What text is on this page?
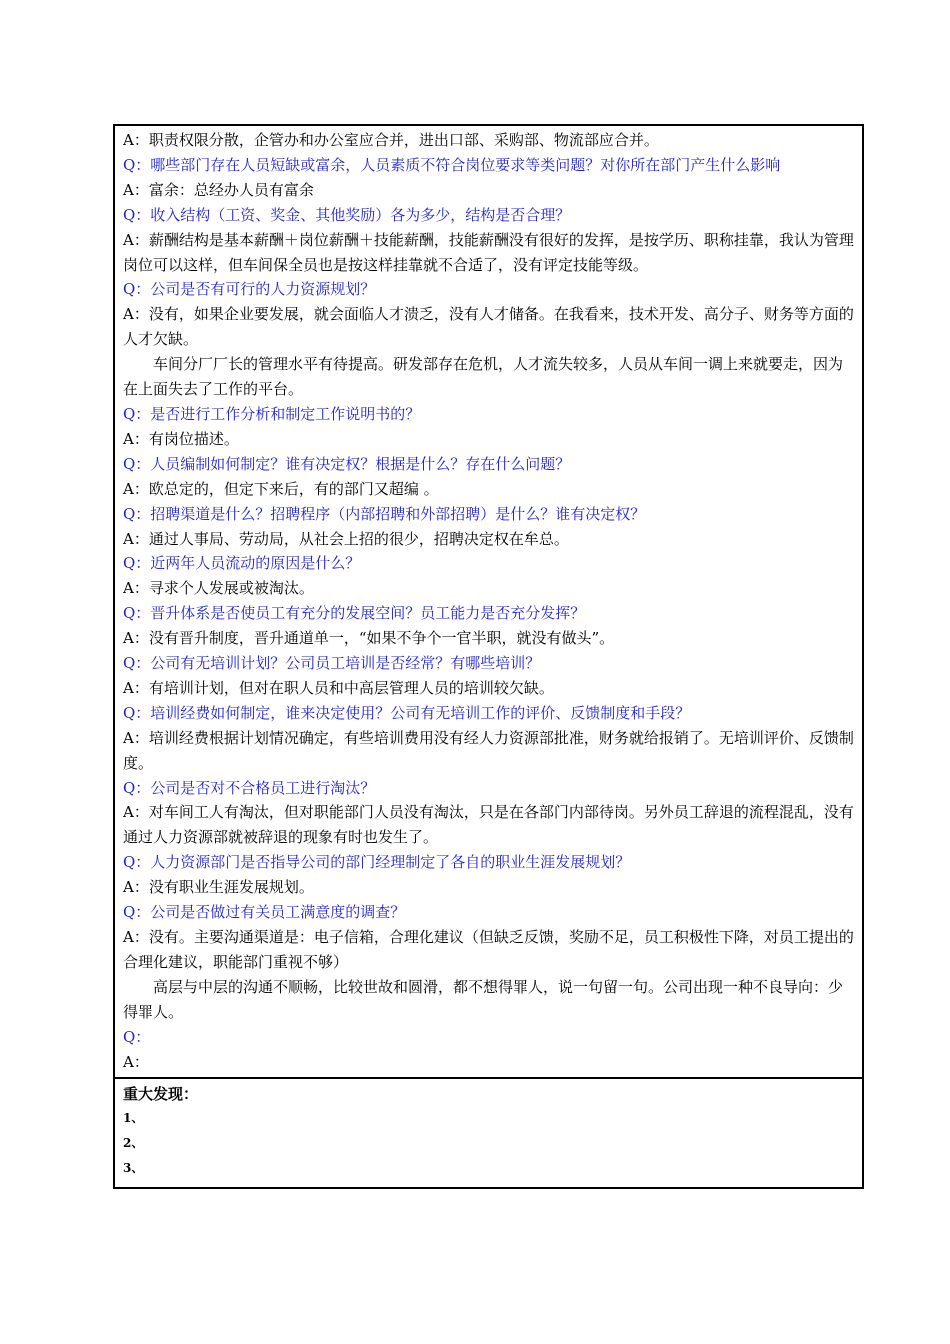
A：职责权限分散，企管办和办公室应合并，进出口部、采购部、物流部应合并。
Q：哪些部门存在人员短缺或富余，人员素质不符合岗位要求等类问题？对你所在部门产生什么影响
A：富余：总经办人员有富余
Q：收入结构（工资、奖金、其他奖励）各为多少，结构是否合理？
A：薪酬结构是基本薪酬＋岗位薪酬＋技能薪酬，技能薪酬没有很好的发挥，是按学历、职称挂靠，我认为管理岗位可以这样，但车间保全员也是按这样挂靠就不合适了，没有评定技能等级。
Q：公司是否有可行的人力资源规划？
A：没有，如果企业要发展，就会面临人才溃乏，没有人才储备。在我看来，技术开发、高分子、财务等方面的人才欠缺。
车间分厂厂长的管理水平有待提高。研发部存在危机，人才流失较多，人员从车间一调上来就要走，因为在上面失去了工作的平台。
Q：是否进行工作分析和制定工作说明书的？
A：有岗位描述。
Q：人员编制如何制定？谁有决定权？根据是什么？存在什么问题？
A：欧总定的，但定下来后，有的部门又超编 。
Q：招聘渠道是什么？招聘程序（内部招聘和外部招聘）是什么？谁有决定权？
A：通过人事局、劳动局，从社会上招的很少，招聘决定权在牟总。
Q：近两年人员流动的原因是什么？
A：寻求个人发展或被淘汰。
Q：晋升体系是否使员工有充分的发展空间？员工能力是否充分发挥？
A：没有晋升制度，晋升通道单一，“如果不争个一官半职，就没有做头”。
Q：公司有无培训计划？公司员工培训是否经常？有哪些培训？
A：有培训计划，但对在职人员和中高层管理人员的培训较欠缺。
Q：培训经费如何制定，谁来决定使用？公司有无培训工作的评价、反馈制度和手段？
A：培训经费根据计划情况确定，有些培训费用没有经人力资源部批准，财务就给报销了。无培训评价、反馈制度。
Q：公司是否对不合格员工进行淘汰？
A：对车间工人有淘汰，但对职能部门人员没有淘汰，只是在各部门内部待岗。另外员工辞退的流程混乱，没有通过人力资源部就被辞退的现象有时也发生了。
Q：人力资源部门是否指导公司的部门经理制定了各自的职业生涯发展规划？
A：没有职业生涯发展规划。
Q：公司是否做过有关员工满意度的调查？
A：没有。主要沟通渠道是：电子信箱，合理化建议（但缺乏反馈，奖励不足，员工积极性下降，对员工提出的合理化建议，职能部门重视不够）
高层与中层的沟通不顺畅，比较世故和圆滑，都不想得罪人，说一句留一句。公司出现一种不良导向：少得罪人。
Q：
A：
重大发现：
1、
2、
3、
